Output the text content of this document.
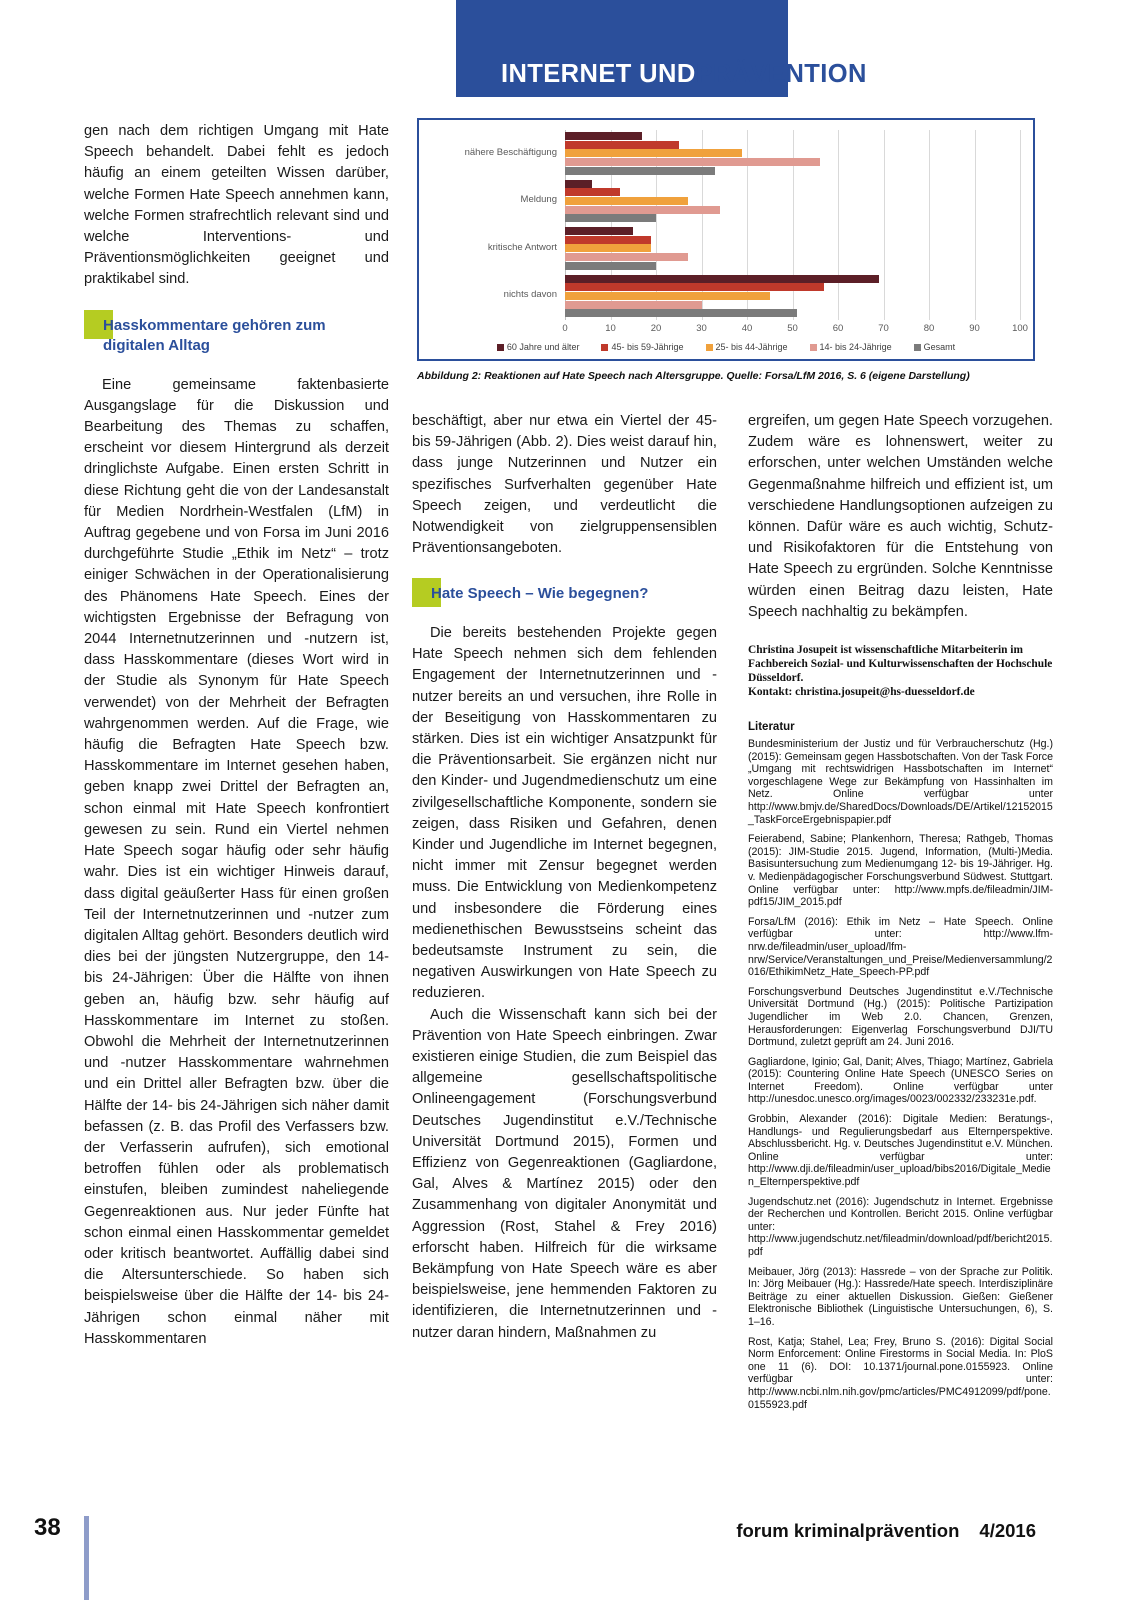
INTERNET UNDPRÄVENTION
nähere Beschäftigung
Meldung
kritische Antwort
nichts davon
0	10	20	30	40	50	60	70	80	90	100
60 Jahre und älter	45- bis 59-Jährige	25- bis 44-Jährige	14- bis 24-Jährige	Gesamt
Abbildung 2: Reaktionen auf Hate Speech nach Altersgruppe. Quelle: Forsa/LfM 2016, S. 6 (eigene Darstellung)

gen nach dem richtigen Umgang mit Hate Speech behandelt. Dabei fehlt es jedoch häufig an einem geteilten Wissen darüber, welche Formen Hate Speech annehmen kann, welche Formen strafrechtlich relevant sind und welche Interventions- und Präventionsmöglichkeiten geeignet und praktikabel sind.

Hasskommentare gehören zum digitalen Alltag

Eine gemeinsame faktenbasierte Ausgangslage für die Diskussion und Bearbeitung des Themas zu schaffen, erscheint vor diesem Hintergrund als derzeit dringlichste Aufgabe. Einen ersten Schritt in diese Richtung geht die von der Landesanstalt für Medien Nordrhein-Westfalen (LfM) in Auftrag gegebene und von Forsa im Juni 2016 durchgeführte Studie „Ethik im Netz“ – trotz einiger Schwächen in der Operationalisierung des Phänomens Hate Speech. Eines der wichtigsten Ergebnisse der Befragung von 2044 Internetnutzerinnen und -nutzern ist, dass Hasskommentare (dieses Wort wird in der Studie als Synonym für Hate Speech verwendet) von der Mehrheit der Befragten wahrgenommen werden. Auf die Frage, wie häufig die Befragten Hate Speech bzw. Hasskommentare im Internet gesehen haben, geben knapp zwei Drittel der Befragten an, schon einmal mit Hate Speech konfrontiert gewesen zu sein. Rund ein Viertel nehmen Hate Speech sogar häufig oder sehr häufig wahr. Dies ist ein wichtiger Hinweis darauf, dass digital geäußerter Hass für einen großen Teil der Internetnutzerinnen und -nutzer zum digitalen Alltag gehört. Besonders deutlich wird dies bei der jüngsten Nutzergruppe, den 14- bis 24-Jährigen: Über die Hälfte von ihnen geben an, häufig bzw. sehr häufig auf Hasskommentare im Internet zu stoßen. Obwohl die Mehrheit der Internetnutzerinnen und -nutzer Hasskommentare wahrnehmen und ein Drittel aller Befragten bzw. über die Hälfte der 14- bis 24-Jährigen sich näher damit befassen (z. B. das Profil des Verfassers bzw. der Verfasserin aufrufen), sich emotional betroffen fühlen oder als problematisch einstufen, bleiben zumindest naheliegende Gegenreaktionen aus. Nur jeder Fünfte hat schon einmal einen Hasskommentar gemeldet oder kritisch beantwortet. Auffällig dabei sind die Altersunterschiede. So haben sich beispielsweise über die Hälfte der 14- bis 24-Jährigen schon einmal näher mit Hasskommentaren

beschäftigt, aber nur etwa ein Viertel der 45- bis 59-Jährigen (Abb. 2). Dies weist darauf hin, dass junge Nutzerinnen und Nutzer ein spezifisches Surfverhalten gegenüber Hate Speech zeigen, und verdeutlicht die Notwendigkeit von zielgruppensensiblen Präventionsangeboten.

Hate Speech – Wie begegnen?

Die bereits bestehenden Projekte gegen Hate Speech nehmen sich dem fehlenden Engagement der Internetnutzerinnen und -nutzer bereits an und versuchen, ihre Rolle in der Beseitigung von Hasskommentaren zu stärken. Dies ist ein wichtiger Ansatzpunkt für die Präventionsarbeit. Sie ergänzen nicht nur den Kinder- und Jugendmedienschutz um eine zivilgesellschaftliche Komponente, sondern sie zeigen, dass Risiken und Gefahren, denen Kinder und Jugendliche im Internet begegnen, nicht immer mit Zensur begegnet werden muss. Die Entwicklung von Medienkompetenz und insbesondere die Förderung eines medienethischen Bewusstseins scheint das bedeutsamste Instrument zu sein, die negativen Auswirkungen von Hate Speech zu reduzieren.

Auch die Wissenschaft kann sich bei der Prävention von Hate Speech einbringen. Zwar existieren einige Studien, die zum Beispiel das allgemeine gesellschaftspolitische Onlineengagement (Forschungsverbund Deutsches Jugendinstitut e.V./Technische Universität Dortmund 2015), Formen und Effizienz von Gegenreaktionen (Gagliardone, Gal, Alves & Martínez 2015) oder den Zusammenhang von digitaler Anonymität und Aggression (Rost, Stahel & Frey 2016) erforscht haben. Hilfreich für die wirksame Bekämpfung von Hate Speech wäre es aber beispielsweise, jene hemmenden Faktoren zu identifizieren, die Internetnutzerinnen und -nutzer daran hindern, Maßnahmen zu

ergreifen, um gegen Hate Speech vorzugehen. Zudem wäre es lohnenswert, weiter zu erforschen, unter welchen Umständen welche Gegenmaßnahme hilfreich und effizient ist, um verschiedene Handlungsoptionen aufzeigen zu können. Dafür wäre es auch wichtig, Schutz- und Risikofaktoren für die Entstehung von Hate Speech zu ergründen. Solche Kenntnisse würden einen Beitrag dazu leisten, Hate Speech nachhaltig zu bekämpfen.

Christina Josupeit ist wissenschaftliche Mitarbeiterin im Fachbereich Sozial- und Kulturwissenschaften der Hochschule Düsseldorf.
Kontakt: christina.josupeit@hs-duesseldorf.de
Literatur

Bundesministerium der Justiz und für Verbraucherschutz (Hg.) (2015): Gemeinsam gegen Hassbotschaften. Von der Task Force „Umgang mit rechtswidrigen Hassbotschaften im Internet“ vorgeschlagene Wege zur Bekämpfung von Hassinhalten im Netz. Online verfügbar unter http://www.bmjv.de/SharedDocs/Downloads/DE/Artikel/12152015_TaskForceErgebnispapier.pdf

Feierabend, Sabine; Plankenhorn, Theresa; Rathgeb, Thomas (2015): JIM-Studie 2015. Jugend, Information, (Multi-)Media. Basisuntersuchung zum Medienumgang 12- bis 19-Jähriger. Hg. v. Medienpädagogischer Forschungsverbund Südwest. Stuttgart. Online verfügbar unter: http://www.mpfs.de/fileadmin/JIM-pdf15/JIM_2015.pdf

Forsa/LfM (2016): Ethik im Netz – Hate Speech. Online verfügbar unter: http://www.lfm-nrw.de/fileadmin/user_upload/lfm-nrw/Service/Veranstaltungen_und_Preise/Medienversammlung/2016/EthikimNetz_Hate_Speech-PP.pdf

Forschungsverbund Deutsches Jugendinstitut e.V./Technische Universität Dortmund (Hg.) (2015): Politische Partizipation Jugendlicher im Web 2.0. Chancen, Grenzen, Herausforderungen: Eigenverlag Forschungsverbund DJI/TU Dortmund, zuletzt geprüft am 24. Juni 2016.

Gagliardone, Iginio; Gal, Danit; Alves, Thiago; Martínez, Gabriela (2015): Countering Online Hate Speech (UNESCO Series on Internet Freedom). Online verfügbar unter http://unesdoc.unesco.org/images/0023/002332/233231e.pdf.

Grobbin, Alexander (2016): Digitale Medien: Beratungs-, Handlungs- und Regulierungsbedarf aus Elternperspektive. Abschlussbericht. Hg. v. Deutsches Jugendinstitut e.V. München. Online verfügbar unter: http://www.dji.de/fileadmin/user_upload/bibs2016/Digitale_Medien_Elternperspektive.pdf

Jugendschutz.net (2016): Jugendschutz in Internet. Ergebnisse der Recherchen und Kontrollen. Bericht 2015. Online verfügbar unter: http://www.jugendschutz.net/fileadmin/download/pdf/bericht2015.pdf

Meibauer, Jörg (2013): Hassrede – von der Sprache zur Politik. In: Jörg Meibauer (Hg.): Hassrede/Hate speech. Interdisziplinäre Beiträge zu einer aktuellen Diskussion. Gießen: Gießener Elektronische Bibliothek (Linguistische Untersuchungen, 6), S. 1–16.

Rost, Katja; Stahel, Lea; Frey, Bruno S. (2016): Digital Social Norm Enforcement: Online Firestorms in Social Media. In: PloS one 11 (6). DOI: 10.1371/journal.pone.0155923. Online verfügbar unter: http://www.ncbi.nlm.nih.gov/pmc/articles/PMC4912099/pdf/pone.0155923.pdf

38	forum kriminalprävention 4/2016
